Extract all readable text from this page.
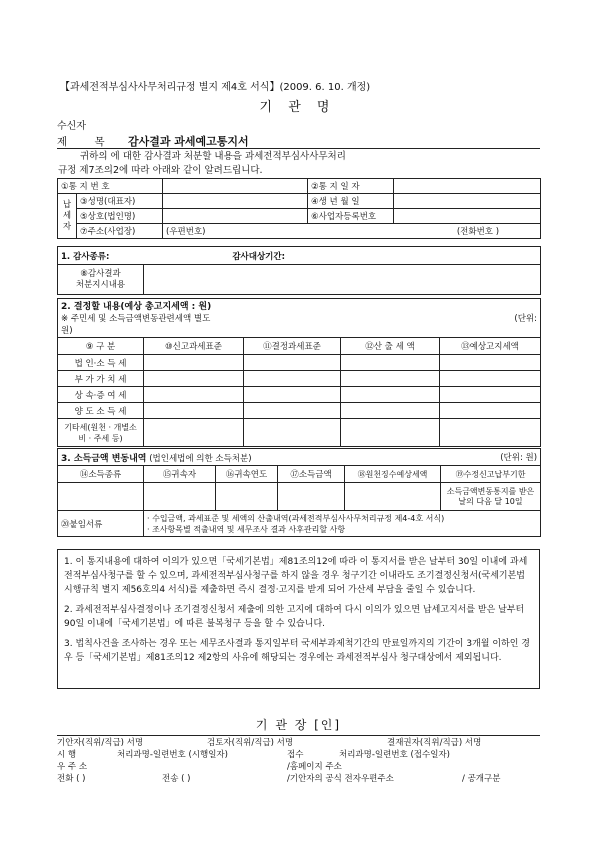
【과세전적부심사사무처리규정 별지 제4호 서식】(2009. 6. 10. 개정)
기 관 명
수신자
제 목 감사결과 과세예고통지서
귀하의 에 대한 감사결과 처분할 내용을 과세전적부심사사무처리
규정 제7조의2에 따라 아래와 같이 알려드립니다.
①통 지 번 호			②통 지 일 자	
납세자	③성명(대표자)		④생 년 월 일	
	⑤상호(법인명)		⑥사업자등록번호	
	⑦주소(사업장)	(우편번호) (전화번호 )		
1. 감사종류:	감사대상기간:

⑧감사결과
처분지시내용

2. 결정할 내용(예상 총고지세액 : 원)
※ 주민세 및 소득금액변동관련세액 별도 (단위:
원)				

⑨ 구 분	⑩신고과세표준	⑪결정과세표준	⑫산 출 세 액	⑬예상고지세액
법 인·소 득 세				
부 가 가 치 세				
상 속·증 여 세				
양 도 소 득 세				
기타세(원천 · 개별소비 · 주세 등)				
3. 소득금액 변동내역 (법인세법에 의한 소득처분) (단위: 원)					

⑭소득종류	⑮귀속자	⑯귀속연도	⑰소득금액	⑱원천징수예상세액	⑲수정신고납부기한
					소득금액변동통지를 받은 날의 다음 달 10일
⑳붙임서류	· 수입금액, 과세표준 및 세액의 산출내역(과세전적부심사사무처리규정 제4-4호 서식)
· 조사항목별 적출내역 및 세무조사 결과 사후관리할 사항				

1. 이 통지내용에 대하여 이의가 있으면「국세기본법」제81조의12에 따라 이 통지서를 받은 날부터 30일 이내에 과세전적부심사청구를 할 수 있으며, 과세전적부심사청구를 하지 않을 경우 청구기간 이내라도 조기결정신청서(국세기본법시행규칙 별지 제56호의4 서식)를 제출하면 즉시 결정·고지를 받게 되어 가산세 부담을 줄일 수 있습니다.

2. 과세전적부심사결정이나 조기결정신청서 제출에 의한 고지에 대하여 다시 이의가 있으면 납세고지서를 받은 날부터 90일 이내에「국세기본법」에 따른 불복청구 등을 할 수 있습니다.

3. 법칙사건을 조사하는 경우 또는 세무조사결과 통지일부터 국세부과제척기간의 만료일까지의 기간이 3개월 이하인 경우 등「국세기본법」제81조의12 제2항의 사유에 해당되는 경우에는 과세전적부심사 청구대상에서 제외됩니다.

기 관 장 [인]
기안자(직위/직급) 서명	검토자(직위/직급) 서명	결재권자(직위/직급) 서명
시 행	처리과명-일련번호 (시행일자)	접수	처리과명-일련번호 (접수일자)
우 주 소	/홈페이지 주소
전화 ( )	전송 ( )	/기안자의 공식 전자우편주소	/ 공개구분
